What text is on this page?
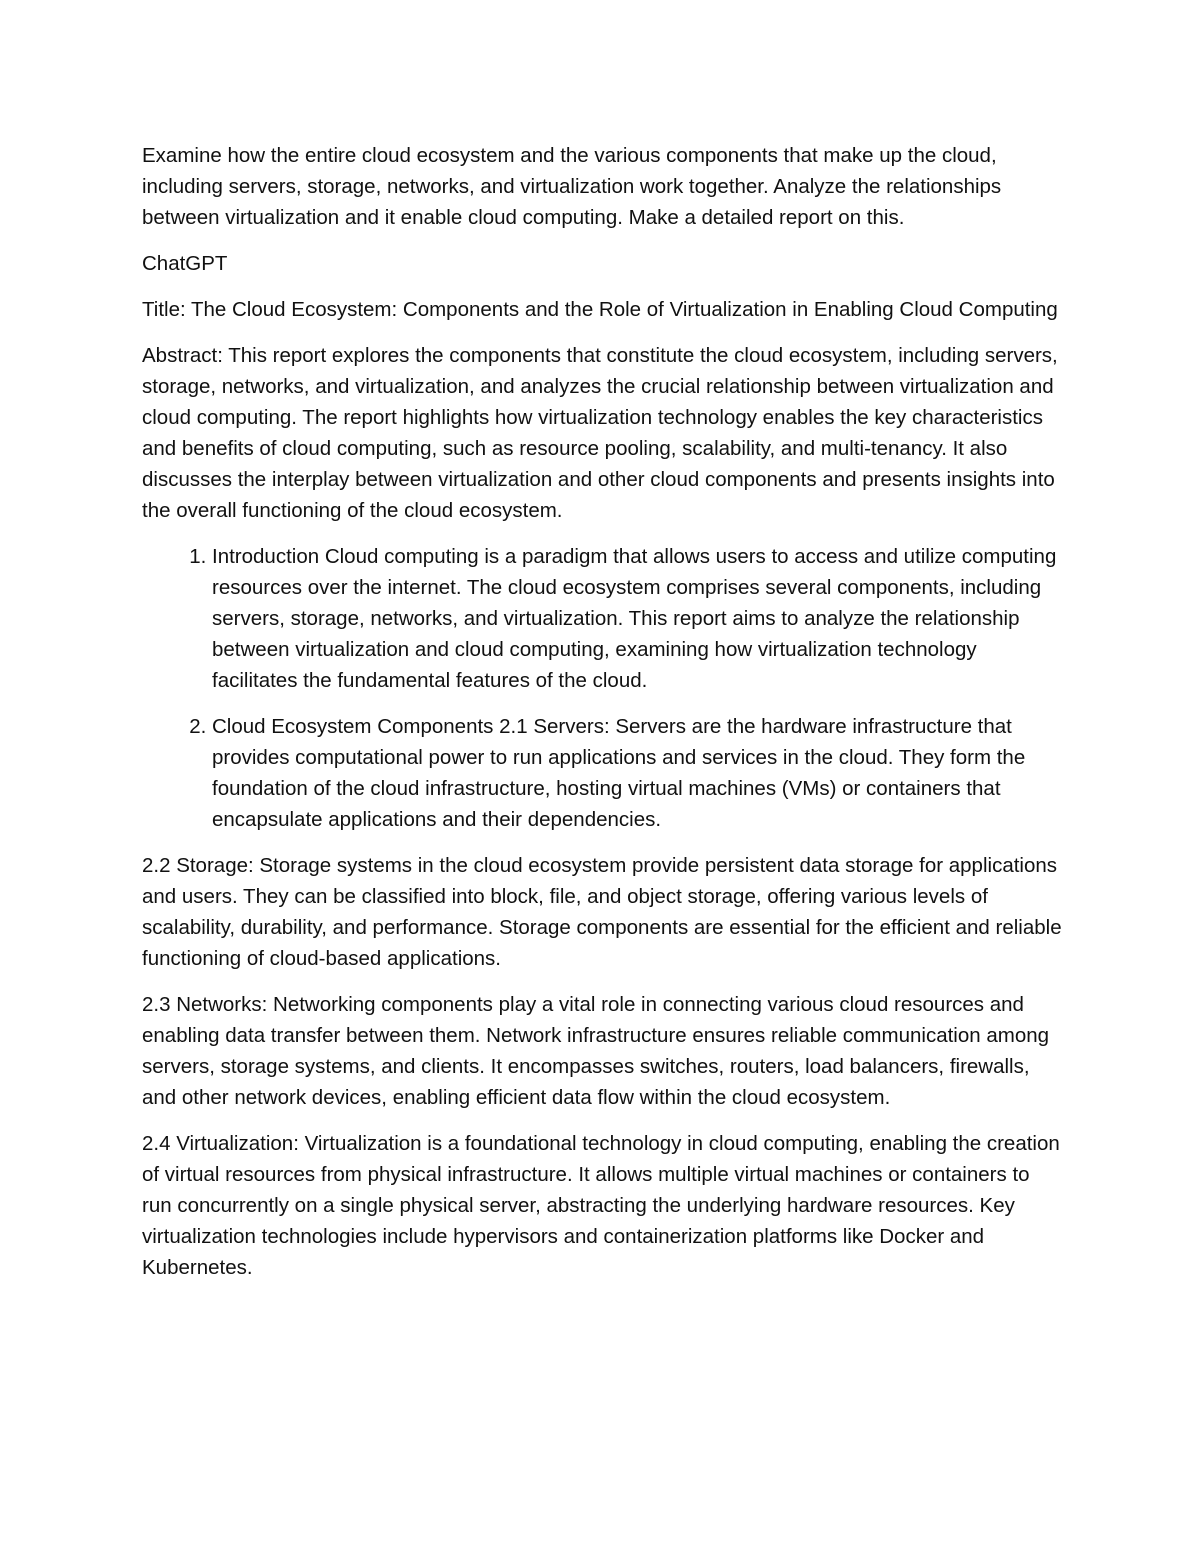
Examine how the entire cloud ecosystem and the various components that make up the cloud, including servers, storage, networks, and virtualization work together. Analyze the relationships between virtualization and it enable cloud computing. Make a detailed report on this.

ChatGPT

Title: The Cloud Ecosystem: Components and the Role of Virtualization in Enabling Cloud Computing

Abstract: This report explores the components that constitute the cloud ecosystem, including servers, storage, networks, and virtualization, and analyzes the crucial relationship between virtualization and cloud computing. The report highlights how virtualization technology enables the key characteristics and benefits of cloud computing, such as resource pooling, scalability, and multi-tenancy. It also discusses the interplay between virtualization and other cloud components and presents insights into the overall functioning of the cloud ecosystem.

1. Introduction Cloud computing is a paradigm that allows users to access and utilize computing resources over the internet. The cloud ecosystem comprises several components, including servers, storage, networks, and virtualization. This report aims to analyze the relationship between virtualization and cloud computing, examining how virtualization technology facilitates the fundamental features of the cloud.
2. Cloud Ecosystem Components 2.1 Servers: Servers are the hardware infrastructure that provides computational power to run applications and services in the cloud. They form the foundation of the cloud infrastructure, hosting virtual machines (VMs) or containers that encapsulate applications and their dependencies.

2.2 Storage: Storage systems in the cloud ecosystem provide persistent data storage for applications and users. They can be classified into block, file, and object storage, offering various levels of scalability, durability, and performance. Storage components are essential for the efficient and reliable functioning of cloud-based applications.

2.3 Networks: Networking components play a vital role in connecting various cloud resources and enabling data transfer between them. Network infrastructure ensures reliable communication among servers, storage systems, and clients. It encompasses switches, routers, load balancers, firewalls, and other network devices, enabling efficient data flow within the cloud ecosystem.

2.4 Virtualization: Virtualization is a foundational technology in cloud computing, enabling the creation of virtual resources from physical infrastructure. It allows multiple virtual machines or containers to run concurrently on a single physical server, abstracting the underlying hardware resources. Key virtualization technologies include hypervisors and containerization platforms like Docker and Kubernetes.
